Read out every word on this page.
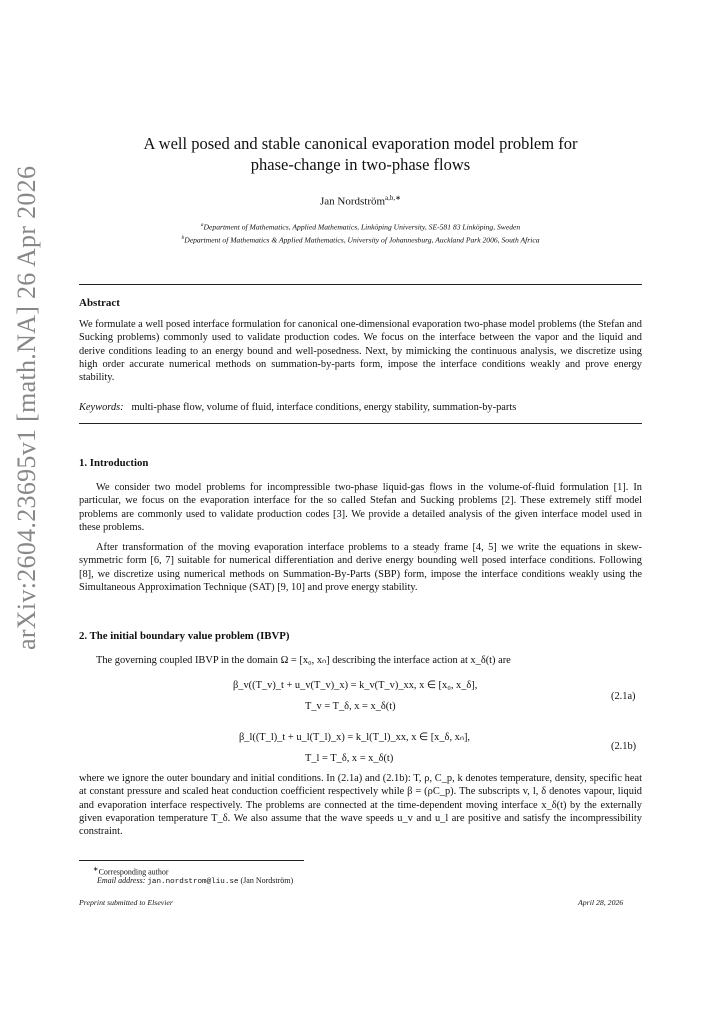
arXiv:2604.23695v1 [math.NA] 26 Apr 2026
A well posed and stable canonical evaporation model problem for
phase-change in two-phase flows
Jan Nordström$^{a,b,∗}$
$^a$Department of Mathematics, Applied Mathematics, Linköping University, SE-581 83 Linköping, Sweden
$^b$Department of Mathematics & Applied Mathematics, University of Johannesburg, Auckland Park 2006, South Africa
Abstract
We formulate a well posed interface formulation for canonical one-dimensional evaporation two-phase model problems (the Stefan and Sucking problems) commonly used to validate production codes. We focus on the interface between the vapor and the liquid and derive conditions leading to an energy bound and well-posedness. Next, by mimicking the continuous analysis, we discretize using high order accurate numerical methods on summation-by-parts form, impose the interface conditions weakly and prove energy stability.
Keywords: multi-phase flow, volume of fluid, interface conditions, energy stability, summation-by-parts
1. Introduction
We consider two model problems for incompressible two-phase liquid-gas flows in the volume-of-fluid formulation [1]. In particular, we focus on the evaporation interface for the so called Stefan and Sucking problems [2]. These extremely stiff model problems are commonly used to validate production codes [3]. We provide a detailed analysis of the given interface model used in these problems.
After transformation of the moving evaporation interface problems to a steady frame [4, 5] we write the equations in skew-symmetric form [6, 7] suitable for numerical differentiation and derive energy bounding well posed interface conditions. Following [8], we discretize using numerical methods on Summation-By-Parts (SBP) form, impose the interface conditions weakly using the Simultaneous Approximation Technique (SAT) [9, 10] and prove energy stability.
2. The initial boundary value problem (IBVP)
The governing coupled IBVP in the domain Ω = [x₀, xₙ] describing the interface action at x_δ(t) are
β_v((T_v)_t + u_v(T_v)_x) = k_v(T_v)_xx, x ∈ [x₀, x_δ],
T_v = T_δ, x = x_δ(t)
(2.1a)
β_l((T_l)_t + u_l(T_l)_x) = k_l(T_l)_xx, x ∈ [x_δ, xₙ],
T_l = T_δ, x = x_δ(t)
(2.1b)
where we ignore the outer boundary and initial conditions. In (2.1a) and (2.1b): T, ρ, C_p, k denotes temperature, density, specific heat at constant pressure and scaled heat conduction coefficient respectively while β = (ρC_p). The subscripts v, l, δ denotes vapour, liquid and evaporation interface respectively. The problems are connected at the time-dependent moving interface x_δ(t) by the externally given evaporation temperature T_δ. We also assume that the wave speeds u_v and u_l are positive and satisfy the incompressibility constraint.
∗Corresponding author
Email address: jan.nordstrom@liu.se (Jan Nordström)
Preprint submitted to Elsevier	April 28, 2026
